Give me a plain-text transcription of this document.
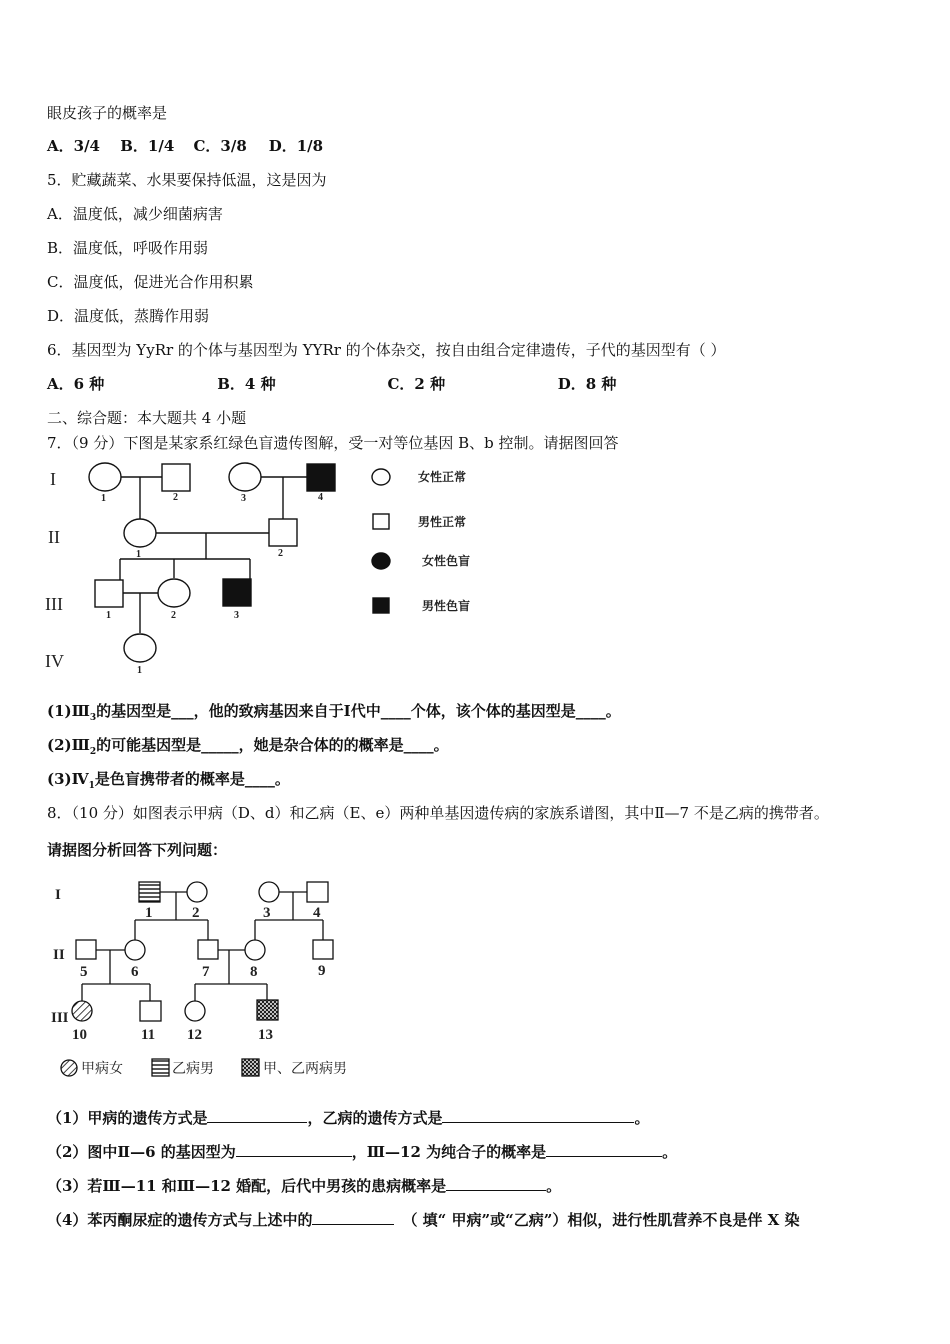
眼皮孩子的概率是
A．3/4 B．1/4 C．3/8 D．1/8
5．贮藏蔬菜、水果要保持低温，这是因为
A．温度低，减少细菌病害
B．温度低，呼吸作用弱
C．温度低，促进光合作用积累
D．温度低，蒸腾作用弱
6．基因型为 YyRr 的个体与基因型为 YYRr 的个体杂交，按自由组合定律遗传，子代的基因型有（ ）
A．6 种	B．4 种	C．2 种	D．8 种
二、综合题：本大题共 4 小题
7．（9 分）下图是某家系红绿色盲遗传图解，受一对等位基因 B、b 控制。请据图回答
I
II
III
IV
1	2	3	4
1	2
1	2	3
1
女性正常
男性正常
女性色盲
男性色盲
$(1)Ⅲ_3$的基因型是___，他的致病基因来自于Ⅰ代中____个体，该个体的基因型是____。
$(2)Ⅲ_2$的可能基因型是_____，她是杂合体的的概率是____。
$(3)Ⅳ_1$是色盲携带者的概率是____。
8．（10 分）如图表示甲病（D、d）和乙病（E、e）两种单基因遗传病的家族系谱图，其中Ⅱ—7 不是乙病的携带者。
请据图分析回答下列问题：
I
II
III
1	2	3	4
5	6	7	8	9
10	11 12	13
甲病女	乙病男	甲、乙两病男
（1）甲病的遗传方式是	，乙病的遗传方式是	。
（2）图中Ⅱ—6 的基因型为	，Ⅲ—12 为纯合子的概率是	。
（3）若Ⅲ—11 和Ⅲ—12 婚配，后代中男孩的患病概率是	。
（4）苯丙酮尿症的遗传方式与上述中的	（ 填“ 甲病”或“乙病”）相似，进行性肌营养不良是伴 X 染
